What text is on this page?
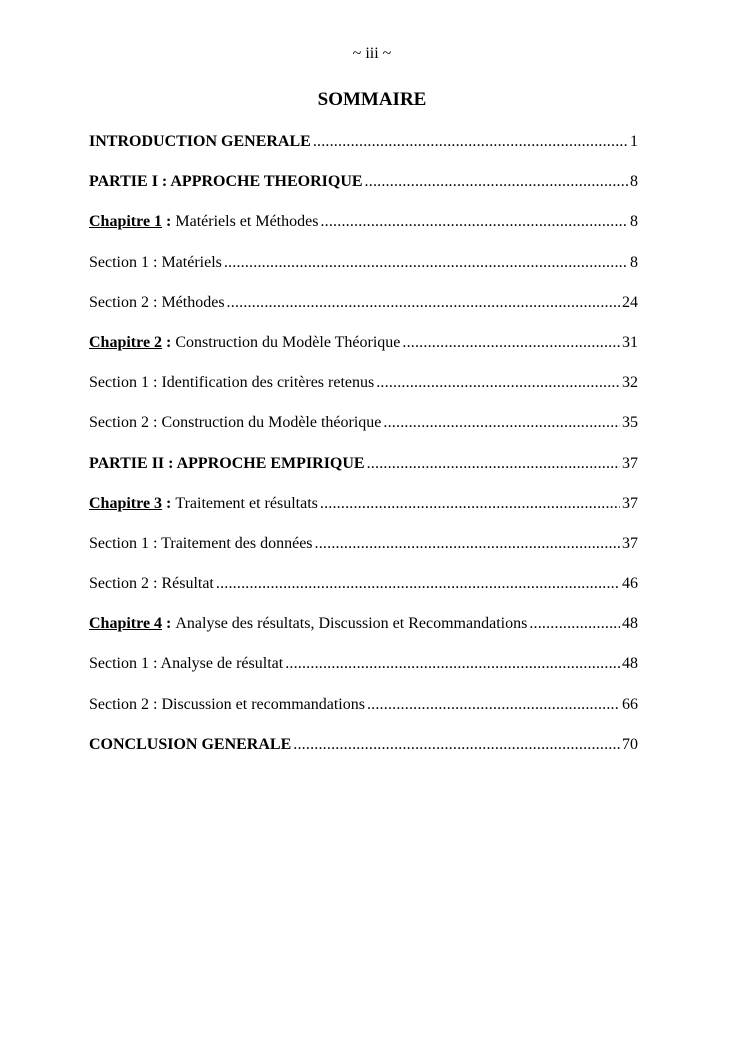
~ iii ~
SOMMAIRE
INTRODUCTION GENERALE .....	1
PARTIE I : APPROCHE THEORIQUE .....	8
Chapitre 1 : Matériels et Méthodes .....	8
Section 1 : Matériels .....	8
Section 2 : Méthodes .....	24
Chapitre 2 : Construction du Modèle Théorique .....	31
Section 1 : Identification des critères retenus .....	32
Section 2 : Construction du Modèle théorique .....	35
PARTIE II : APPROCHE EMPIRIQUE .....	37
Chapitre 3 : Traitement et résultats .....	37
Section 1 : Traitement des données .....	37
Section 2 : Résultat .....	46
Chapitre 4 : Analyse des résultats, Discussion et Recommandations .....	48
Section 1 : Analyse de résultat .....	48
Section 2 : Discussion et recommandations .....	66
CONCLUSION GENERALE .....	70
